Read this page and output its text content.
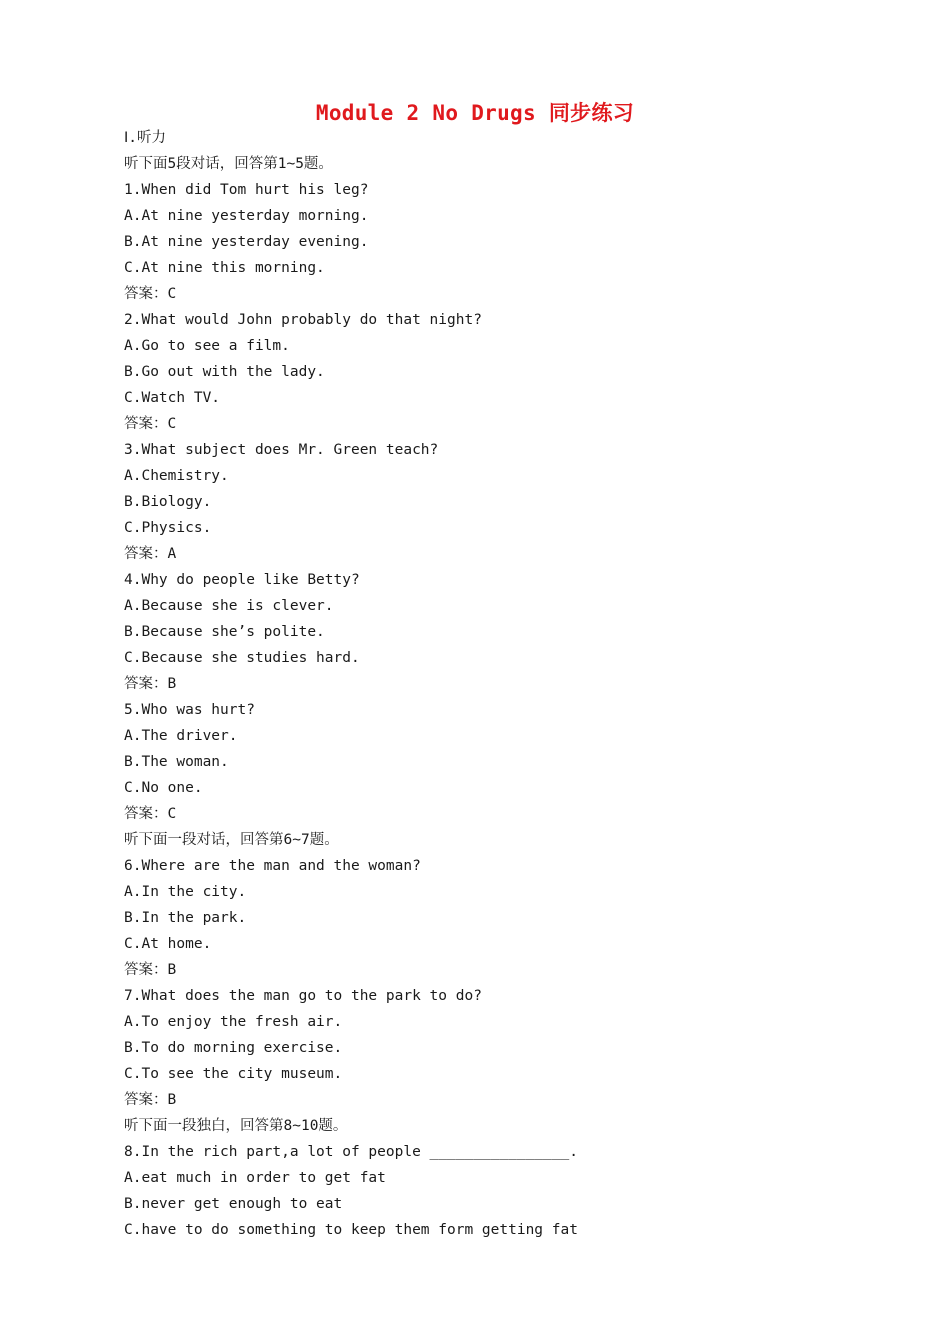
Module 2 No Drugs 同步练习
Ⅰ.听力
听下面5段对话，回答第1~5题。
1.When did Tom hurt his leg?
A.At nine yesterday morning.
B.At nine yesterday evening.
C.At nine this morning.
答案：C
2.What would John probably do that night?
A.Go to see a film.
B.Go out with the lady.
C.Watch TV.
答案：C
3.What subject does Mr. Green teach?
A.Chemistry.
B.Biology.
C.Physics.
答案：A
4.Why do people like Betty?
A.Because she is clever.
B.Because she’s polite.
C.Because she studies hard.
答案：B
5.Who was hurt?
A.The driver.
B.The woman.
C.No one.
答案：C
听下面一段对话，回答第6~7题。
6.Where are the man and the woman?
A.In the city.
B.In the park.
C.At home.
答案：B
7.What does the man go to the park to do?
A.To enjoy the fresh air.
B.To do morning exercise.
C.To see the city museum.
答案：B
听下面一段独白，回答第8~10题。
8.In the rich part,a lot of people ________________.
A.eat much in order to get fat
B.never get enough to eat
C.have to do something to keep them form getting fat
